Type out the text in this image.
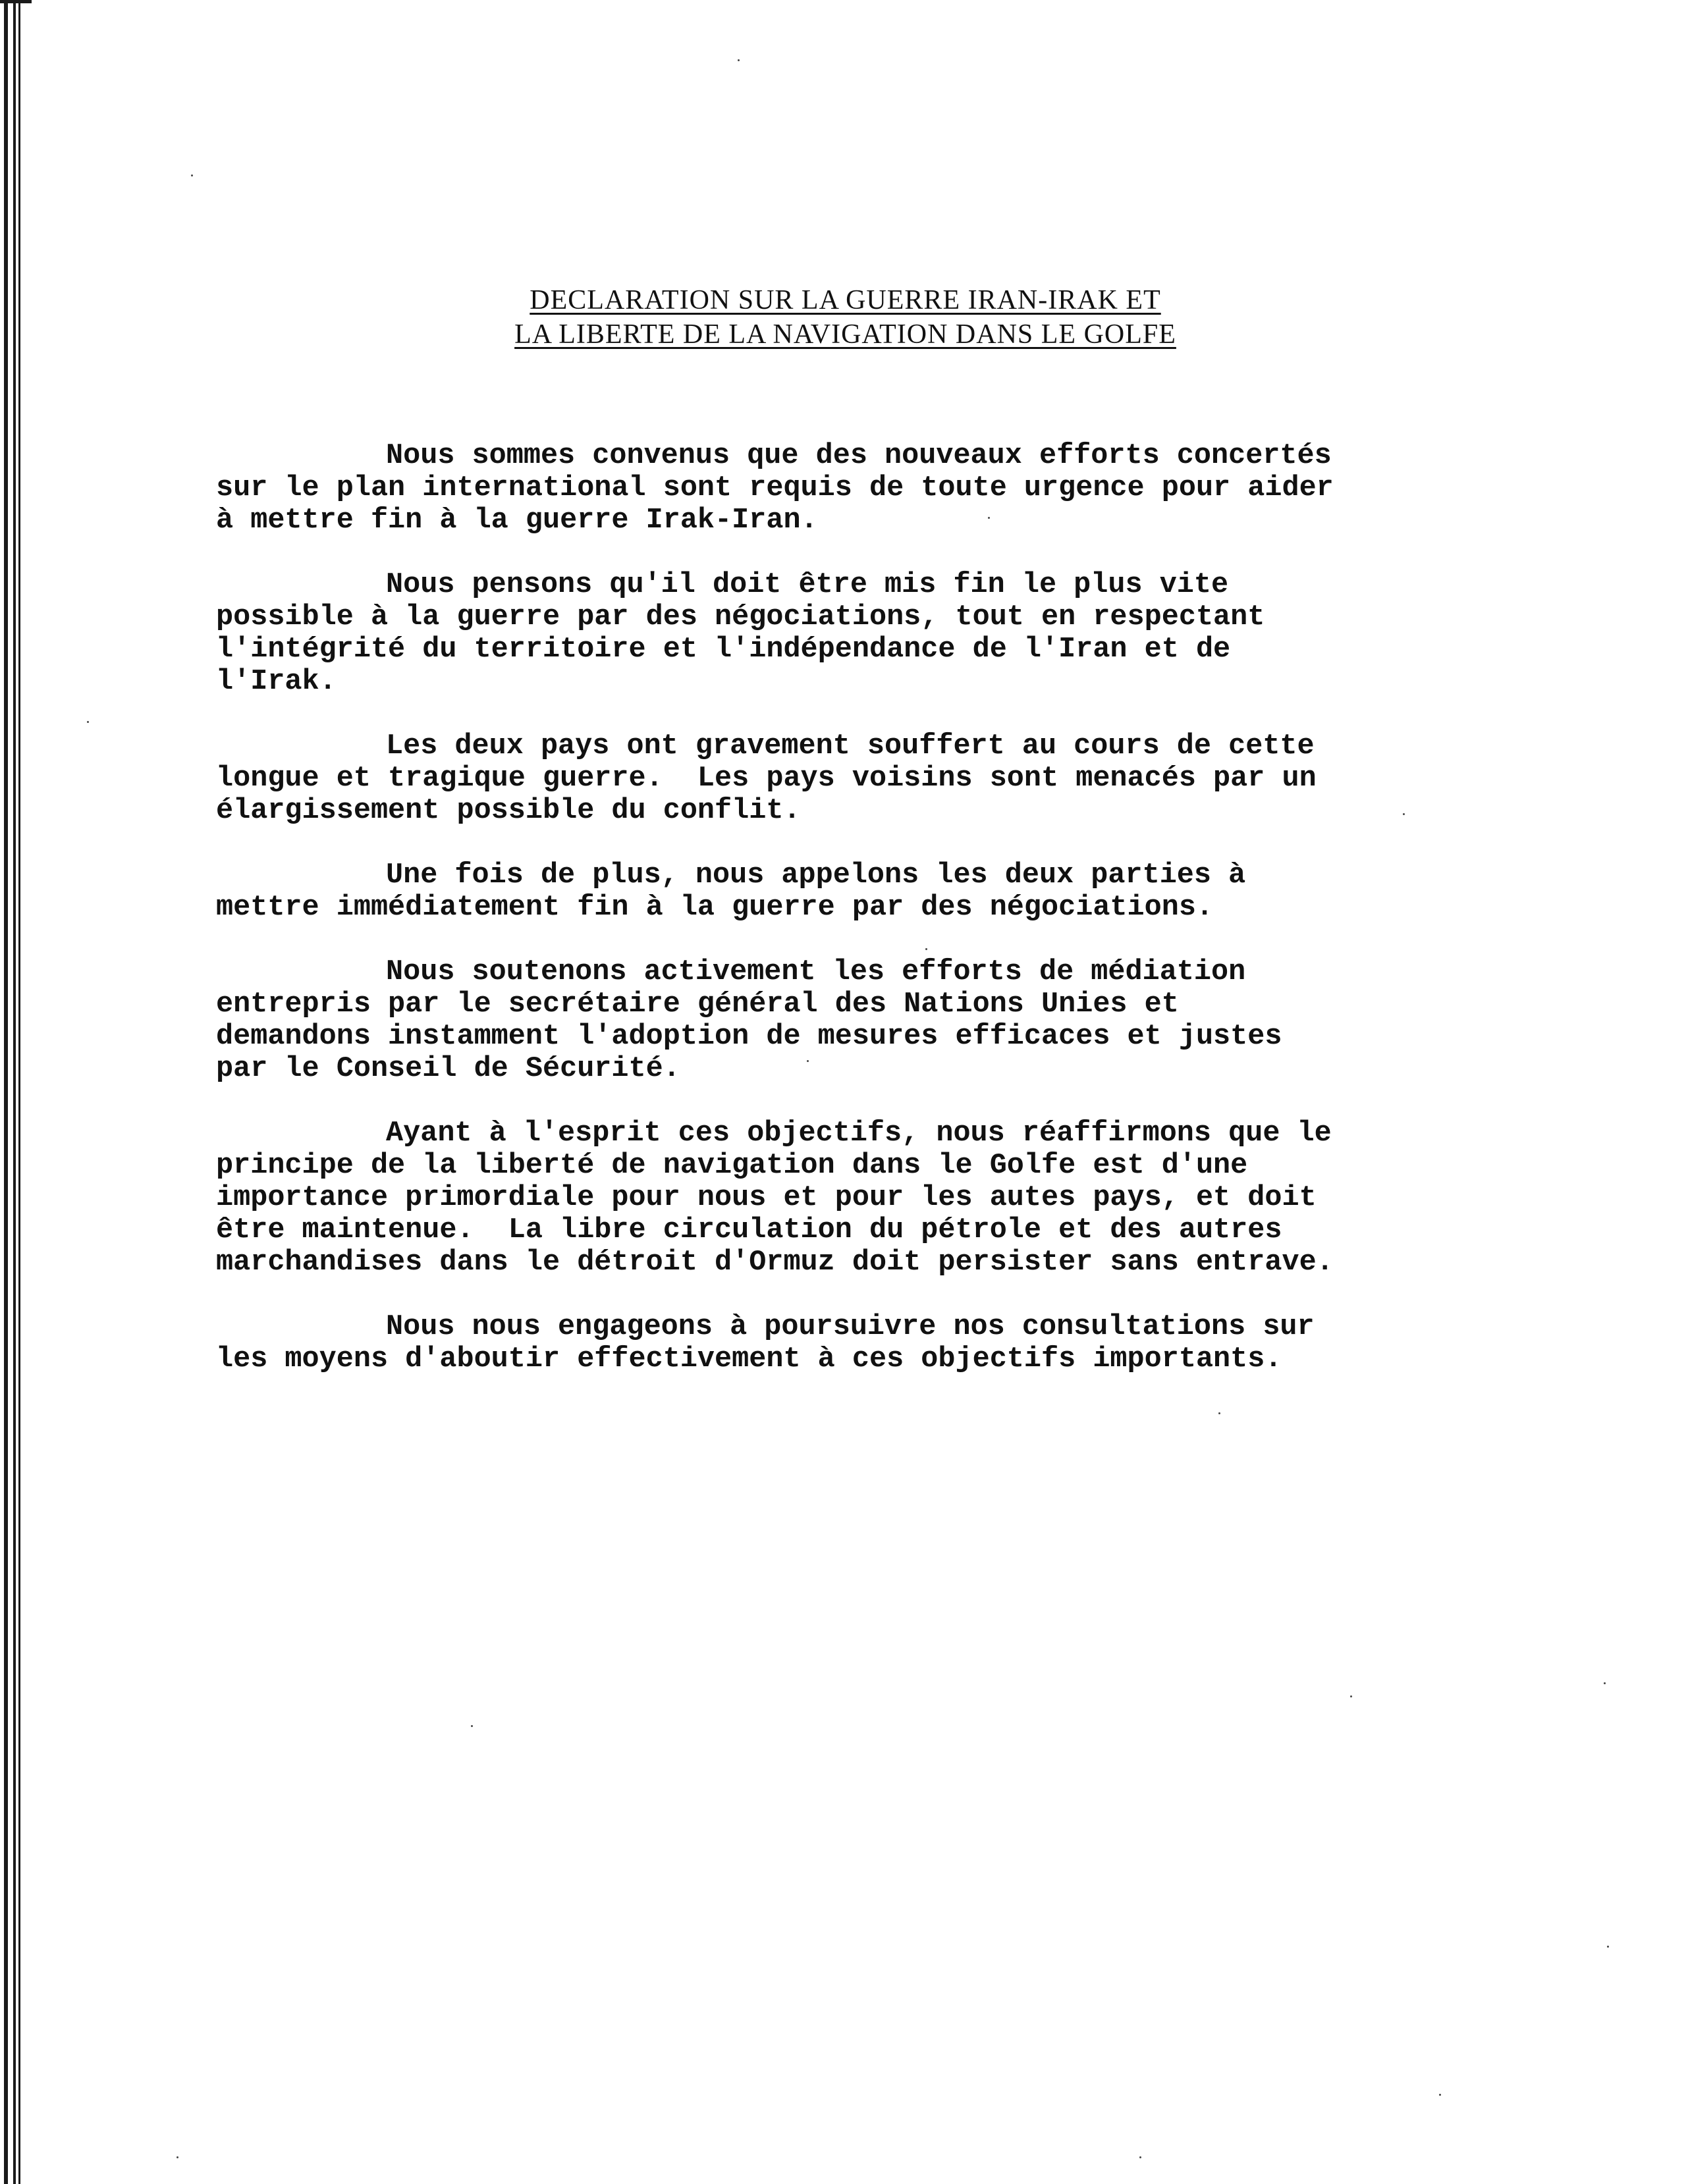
DECLARATION SUR LA GUERRE IRAN-IRAK ET
LA LIBERTE DE LA NAVIGATION DANS LE GOLFE
Nous sommes convenus que des nouveaux efforts concertés
sur le plan international sont requis de toute urgence pour aider
à mettre fin à la guerre Irak-Iran.
Nous pensons qu'il doit être mis fin le plus vite
possible à la guerre par des négociations, tout en respectant
l'intégrité du territoire et l'indépendance de l'Iran et de
l'Irak.
Les deux pays ont gravement souffert au cours de cette
longue et tragique guerre.  Les pays voisins sont menacés par un
élargissement possible du conflit.
Une fois de plus, nous appelons les deux parties à
mettre immédiatement fin à la guerre par des négociations.
Nous soutenons activement les efforts de médiation
entrepris par le secrétaire général des Nations Unies et
demandons instamment l'adoption de mesures efficaces et justes
par le Conseil de Sécurité.
Ayant à l'esprit ces objectifs, nous réaffirmons que le
principe de la liberté de navigation dans le Golfe est d'une
importance primordiale pour nous et pour les autes pays, et doit
être maintenue.  La libre circulation du pétrole et des autres
marchandises dans le détroit d'Ormuz doit persister sans entrave.
Nous nous engageons à poursuivre nos consultations sur
les moyens d'aboutir effectivement à ces objectifs importants.
